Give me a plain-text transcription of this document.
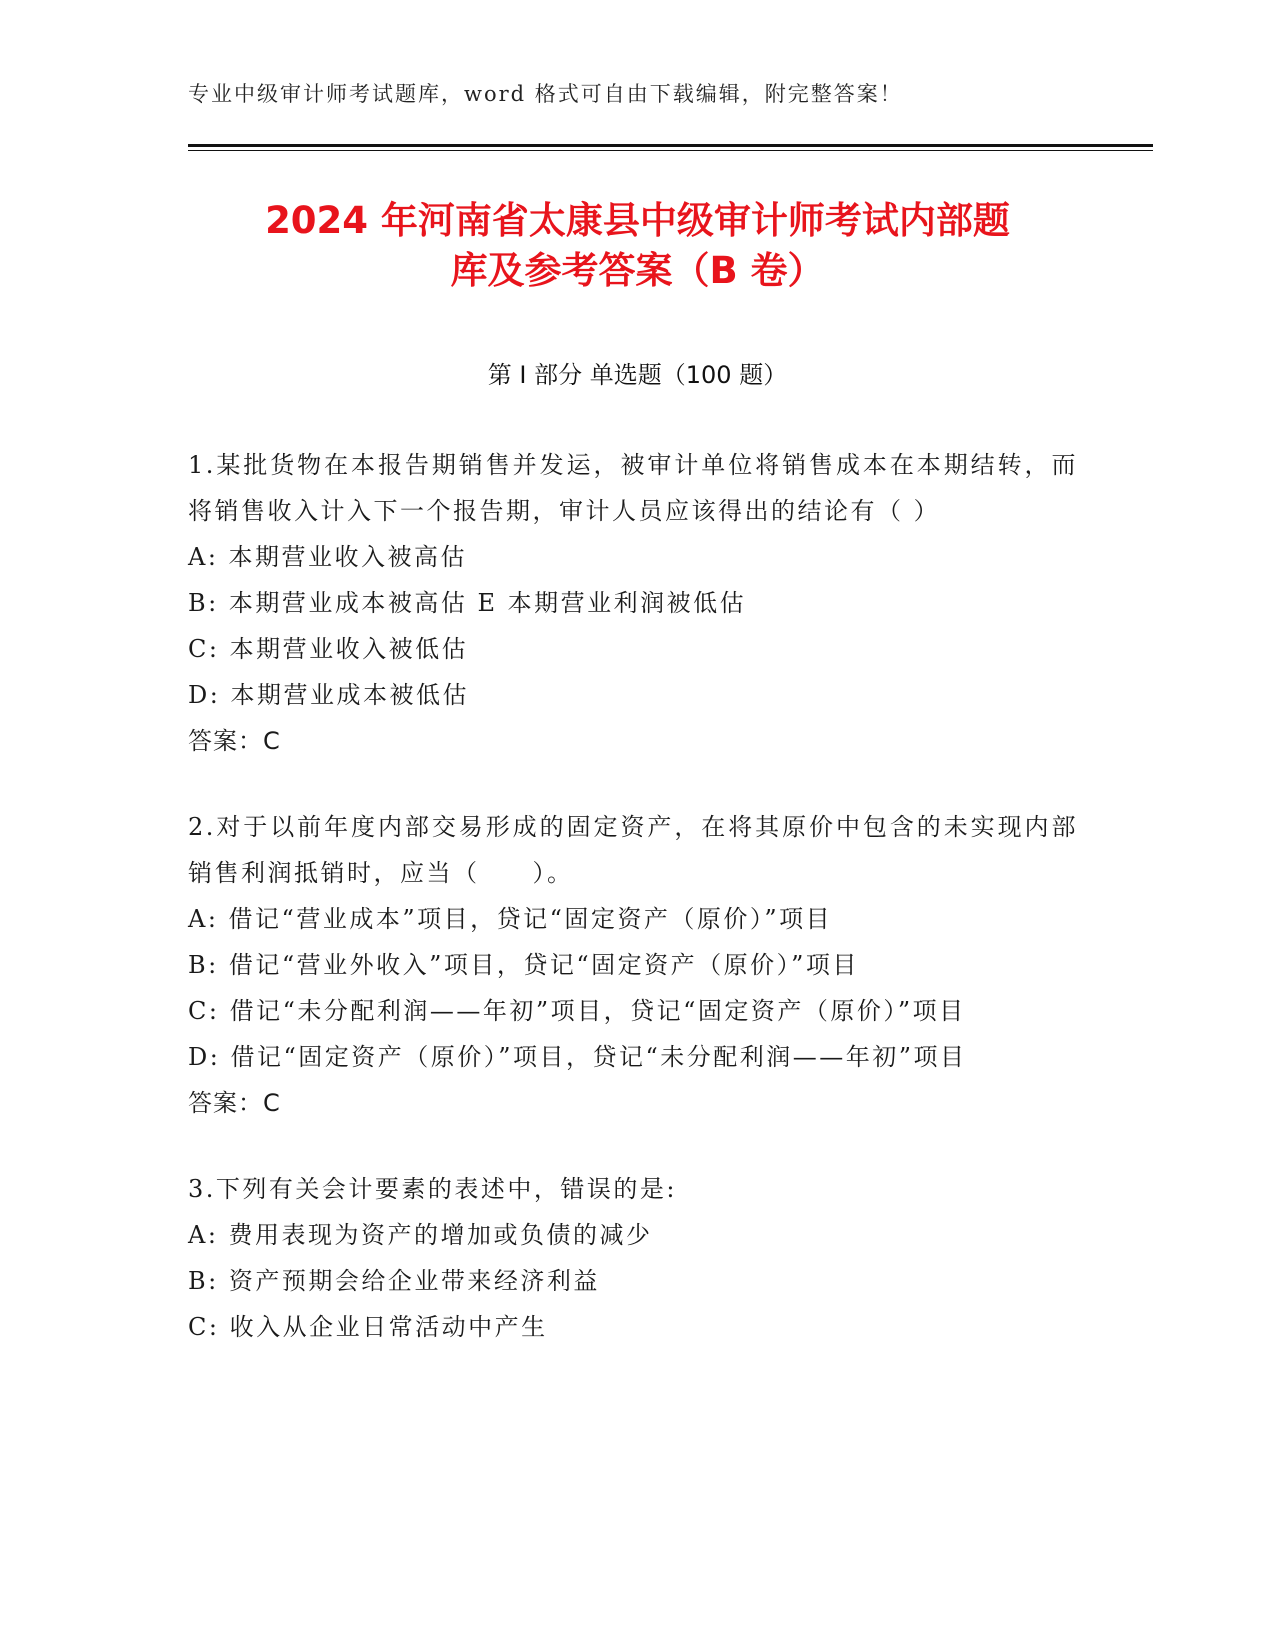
专业中级审计师考试题库，word 格式可自由下载编辑，附完整答案！
2024 年河南省太康县中级审计师考试内部题
库及参考答案（B 卷）
第 I 部分 单选题（100 题）
1.某批货物在本报告期销售并发运，被审计单位将销售成本在本期结转，而将销售收入计入下一个报告期，审计人员应该得出的结论有（ ）
A: 本期营业收入被高估
B: 本期营业成本被高估 E 本期营业利润被低估
C: 本期营业收入被低估
D: 本期营业成本被低估
答案：C
2.对于以前年度内部交易形成的固定资产，在将其原价中包含的未实现内部销售利润抵销时，应当（　　）。
A: 借记“营业成本”项目，贷记“固定资产（原价）”项目
B: 借记“营业外收入”项目，贷记“固定资产（原价）”项目
C: 借记“未分配利润——年初”项目，贷记“固定资产（原价）”项目
D: 借记“固定资产（原价）”项目，贷记“未分配利润——年初”项目
答案：C
3.下列有关会计要素的表述中，错误的是:
A: 费用表现为资产的增加或负债的减少
B: 资产预期会给企业带来经济利益
C: 收入从企业日常活动中产生
